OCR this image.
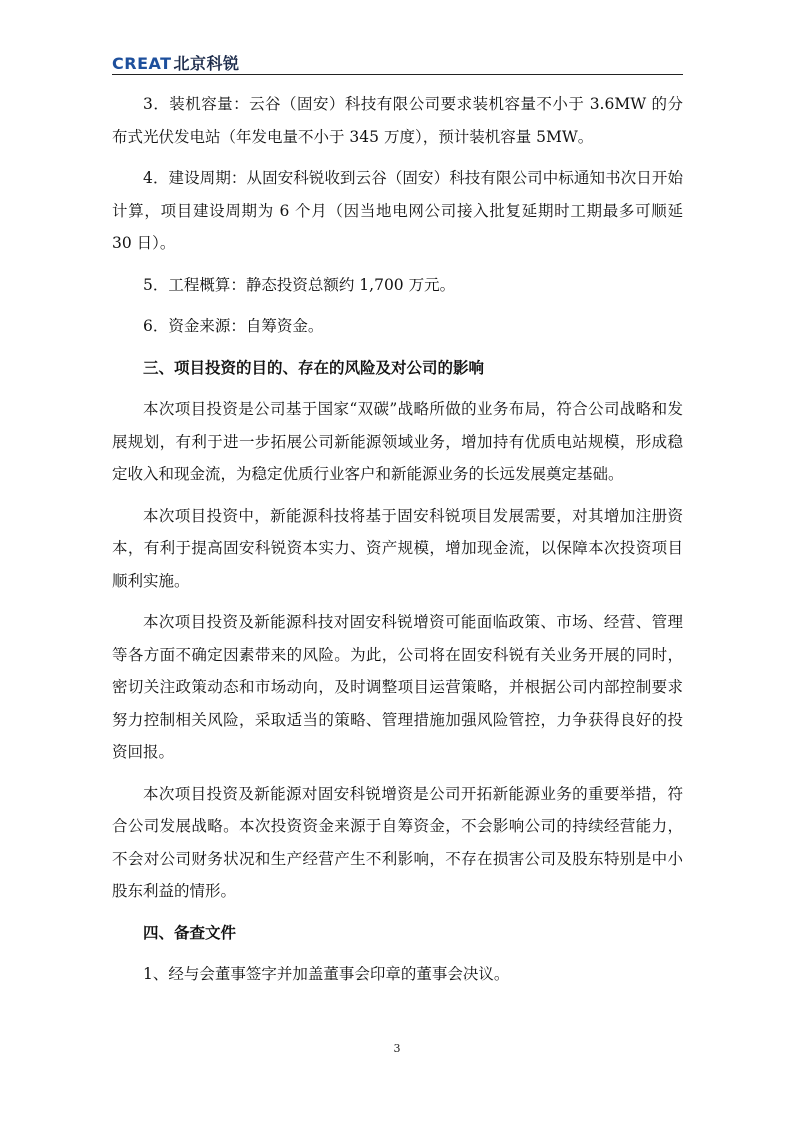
CREAT 北京科锐

3．装机容量：云谷（固安）科技有限公司要求装机容量不小于 3.6MW 的分布式光伏发电站（年发电量不小于 345 万度），预计装机容量 5MW。

4．建设周期：从固安科锐收到云谷（固安）科技有限公司中标通知书次日开始计算，项目建设周期为 6 个月（因当地电网公司接入批复延期时工期最多可顺延 30 日）。

5．工程概算：静态投资总额约 1,700 万元。

6．资金来源：自筹资金。

三、项目投资的目的、存在的风险及对公司的影响

本次项目投资是公司基于国家“双碳”战略所做的业务布局，符合公司战略和发展规划，有利于进一步拓展公司新能源领域业务，增加持有优质电站规模，形成稳定收入和现金流，为稳定优质行业客户和新能源业务的长远发展奠定基础。

本次项目投资中，新能源科技将基于固安科锐项目发展需要，对其增加注册资本，有利于提高固安科锐资本实力、资产规模，增加现金流，以保障本次投资项目顺利实施。

本次项目投资及新能源科技对固安科锐增资可能面临政策、市场、经营、管理等各方面不确定因素带来的风险。为此，公司将在固安科锐有关业务开展的同时，密切关注政策动态和市场动向，及时调整项目运营策略，并根据公司内部控制要求努力控制相关风险，采取适当的策略、管理措施加强风险管控，力争获得良好的投资回报。

本次项目投资及新能源对固安科锐增资是公司开拓新能源业务的重要举措，符合公司发展战略。本次投资资金来源于自筹资金，不会影响公司的持续经营能力，不会对公司财务状况和生产经营产生不利影响，不存在损害公司及股东特别是中小股东利益的情形。

四、备查文件

1、经与会董事签字并加盖董事会印章的董事会决议。

3
